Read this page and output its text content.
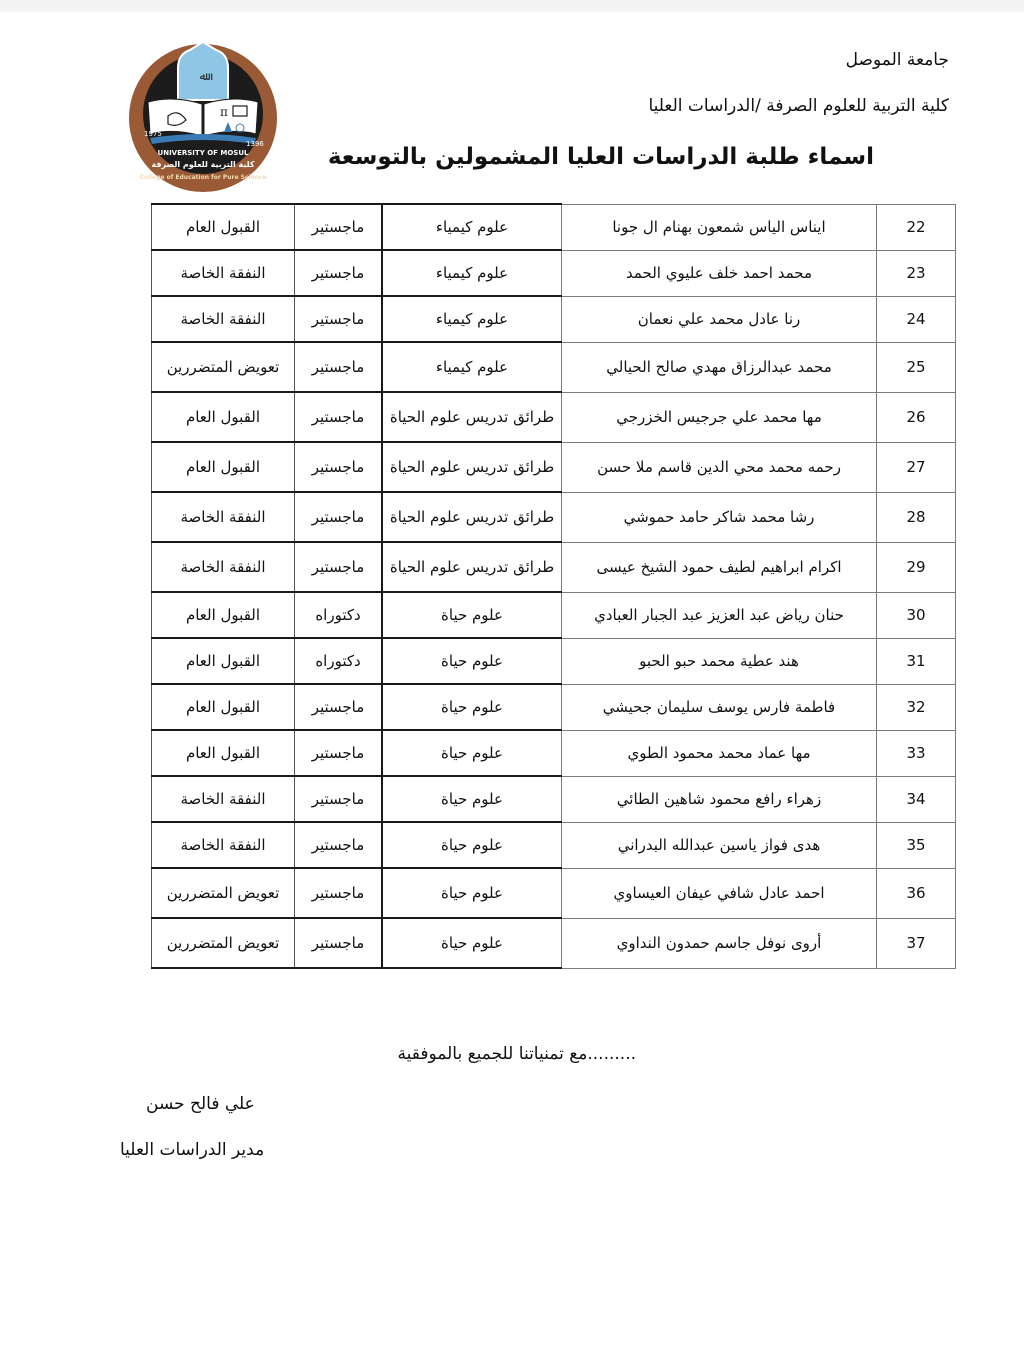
جامعة الموصل
كلية التربية للعلوم الصرفة /الدراسات العليا
اسماء طلبة الدراسات العليا المشمولين بالتوسعة
ﷲ
π
UNIVERSITY OF MOSUL
كلية التربية للعلوم الصرفة
College of Education for Pure Science
1975
1396
22	ايناس الياس شمعون بهنام ال جونا	علوم كيمياء	ماجستير	القبول العام
23	محمد احمد خلف عليوي الحمد	علوم كيمياء	ماجستير	النفقة الخاصة
24	رنا عادل محمد علي نعمان	علوم كيمياء	ماجستير	النفقة الخاصة
25	محمد عبدالرزاق مهدي صالح الحيالي	علوم كيمياء	ماجستير	تعويض المتضررين
26	مها محمد علي جرجيس الخزرجي	طرائق تدريس علوم الحياة	ماجستير	القبول العام
27	رحمه محمد محي الدين قاسم ملا حسن	طرائق تدريس علوم الحياة	ماجستير	القبول العام
28	رشا محمد شاكر حامد حموشي	طرائق تدريس علوم الحياة	ماجستير	النفقة الخاصة
29	اكرام ابراهيم لطيف حمود الشيخ عيسى	طرائق تدريس علوم الحياة	ماجستير	النفقة الخاصة
30	حنان رياض عبد العزيز عبد الجبار العبادي	علوم حياة	دكتوراه	القبول العام
31	هند عطية محمد حبو الحبو	علوم حياة	دكتوراه	القبول العام
32	فاطمة فارس يوسف سليمان جحيشي	علوم حياة	ماجستير	القبول العام
33	مها عماد محمد محمود الطوي	علوم حياة	ماجستير	القبول العام
34	زهراء رافع محمود شاهين الطائي	علوم حياة	ماجستير	النفقة الخاصة
35	هدى فواز ياسين عبدالله البدراني	علوم حياة	ماجستير	النفقة الخاصة
36	احمد عادل شافي عيفان العيساوي	علوم حياة	ماجستير	تعويض المتضررين
37	أروى نوفل جاسم حمدون النداوي	علوم حياة	ماجستير	تعويض المتضررين
.........مع تمنياتنا للجميع بالموفقية
علي فالح حسن
مدير الدراسات العليا
